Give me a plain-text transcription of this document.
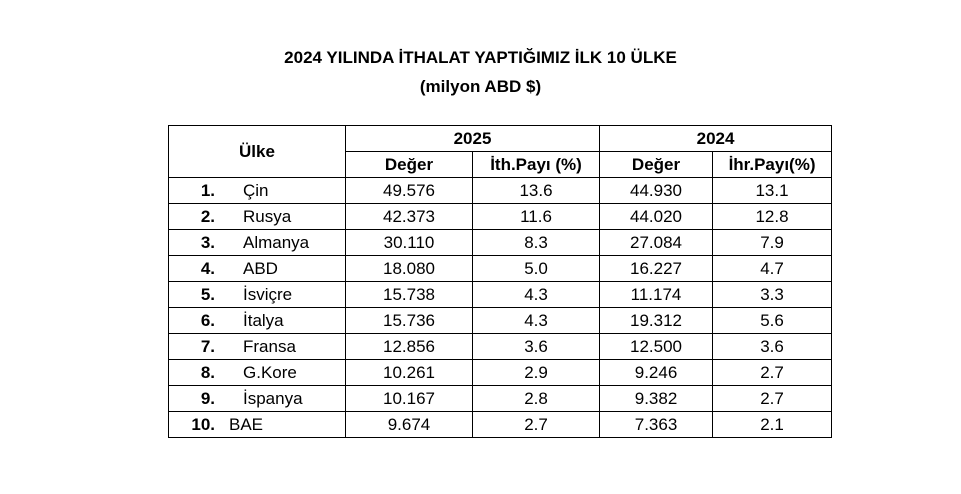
2024 YILINDA İTHALAT YAPTIĞIMIZ İLK 10 ÜLKE
(milyon ABD $)
Ülke	2025		2024	
	Değer	İth.Payı (%)	Değer	İhr.Payı(%)
1. Çin	49.576	13.6	44.930	13.1
2. Rusya	42.373	11.6	44.020	12.8
3. Almanya	30.110	8.3	27.084	7.9
4. ABD	18.080	5.0	16.227	4.7
5. İsviçre	15.738	4.3	11.174	3.3
6. İtalya	15.736	4.3	19.312	5.6
7. Fransa	12.856	3.6	12.500	3.6
8. G.Kore	10.261	2.9	9.246	2.7
9. İspanya	10.167	2.8	9.382	2.7
10. BAE	9.674	2.7	7.363	2.1
